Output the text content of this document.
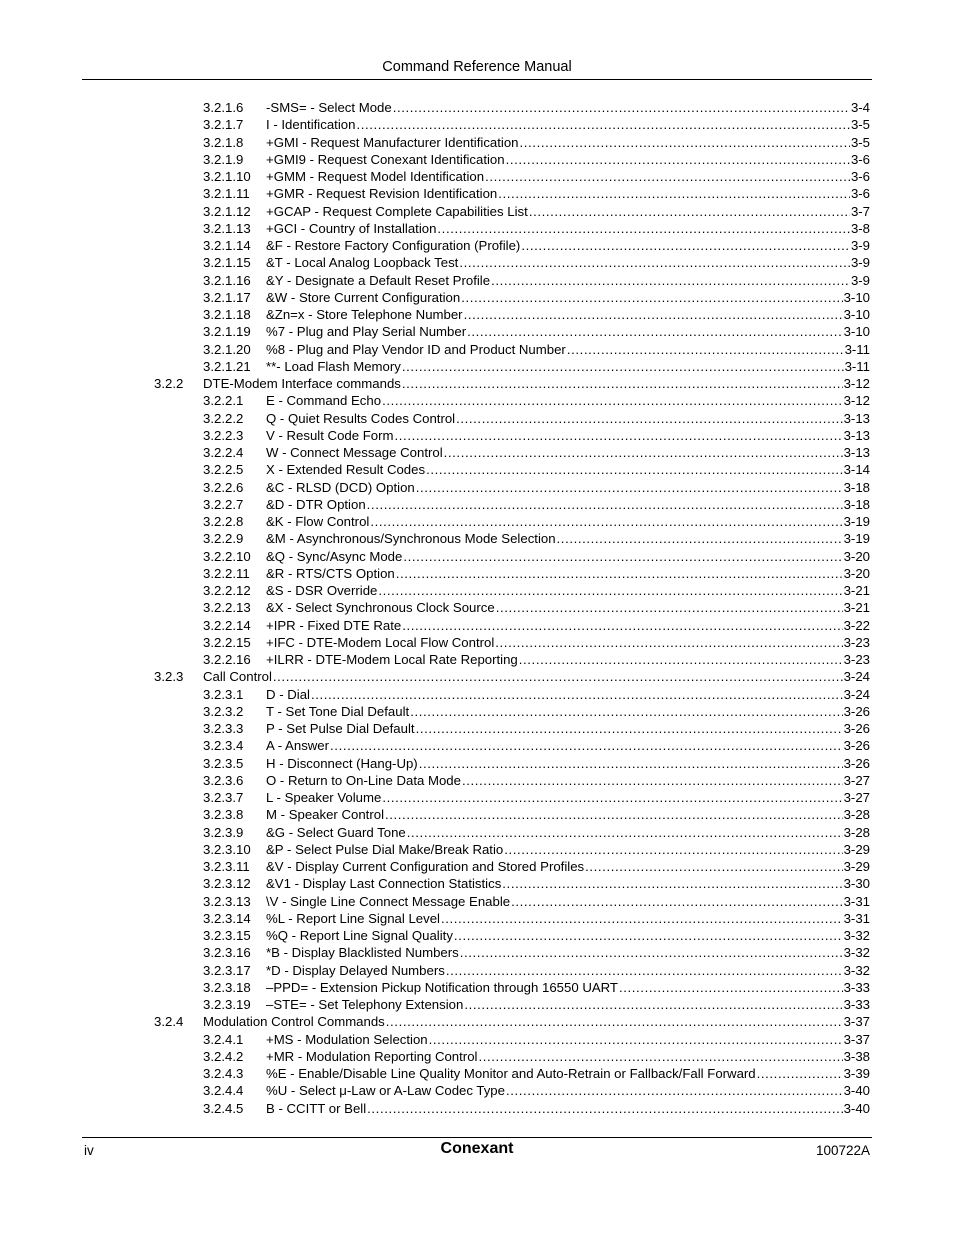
Command Reference Manual
3.2.1.6 -SMS= - Select Mode .....	3-4
3.2.1.7 I - Identification .....	3-5
3.2.1.8 +GMI - Request Manufacturer Identification .....	3-5
3.2.1.9 +GMI9 - Request Conexant Identification .....	3-6
3.2.1.10 +GMM - Request Model Identification .....	3-6
3.2.1.11 +GMR - Request Revision Identification .....	3-6
3.2.1.12 +GCAP - Request Complete Capabilities List .....	3-7
3.2.1.13 +GCI - Country of Installation .....	3-8
3.2.1.14 &F - Restore Factory Configuration (Profile) .....	3-9
3.2.1.15 &T - Local Analog Loopback Test .....	3-9
3.2.1.16 &Y - Designate a Default Reset Profile .....	3-9
3.2.1.17 &W - Store Current Configuration .....	3-10
3.2.1.18 &Zn=x - Store Telephone Number .....	3-10
3.2.1.19 %7 - Plug and Play Serial Number .....	3-10
3.2.1.20 %8 - Plug and Play Vendor ID and Product Number .....	3-11
3.2.1.21 **- Load Flash Memory .....	3-11
3.2.2 DTE-Modem Interface commands .....	3-12
3.2.2.1 E - Command Echo .....	3-12
3.2.2.2 Q - Quiet Results Codes Control .....	3-13
3.2.2.3 V - Result Code Form .....	3-13
3.2.2.4 W - Connect Message Control .....	3-13
3.2.2.5 X - Extended Result Codes .....	3-14
3.2.2.6 &C - RLSD (DCD) Option .....	3-18
3.2.2.7 &D - DTR Option .....	3-18
3.2.2.8 &K - Flow Control .....	3-19
3.2.2.9 &M - Asynchronous/Synchronous Mode Selection .....	3-19
3.2.2.10 &Q - Sync/Async Mode .....	3-20
3.2.2.11 &R - RTS/CTS Option .....	3-20
3.2.2.12 &S - DSR Override .....	3-21
3.2.2.13 &X - Select Synchronous Clock Source .....	3-21
3.2.2.14 +IPR - Fixed DTE Rate .....	3-22
3.2.2.15 +IFC - DTE-Modem Local Flow Control .....	3-23
3.2.2.16 +ILRR - DTE-Modem Local Rate Reporting .....	3-23
3.2.3 Call Control .....	3-24
3.2.3.1 D - Dial .....	3-24
3.2.3.2 T - Set Tone Dial Default .....	3-26
3.2.3.3 P - Set Pulse Dial Default .....	3-26
3.2.3.4 A - Answer .....	3-26
3.2.3.5 H - Disconnect (Hang-Up) .....	3-26
3.2.3.6 O - Return to On-Line Data Mode .....	3-27
3.2.3.7 L - Speaker Volume .....	3-27
3.2.3.8 M - Speaker Control .....	3-28
3.2.3.9 &G - Select Guard Tone .....	3-28
3.2.3.10 &P - Select Pulse Dial Make/Break Ratio .....	3-29
3.2.3.11 &V - Display Current Configuration and Stored Profiles .....	3-29
3.2.3.12 &V1 - Display Last Connection Statistics .....	3-30
3.2.3.13 \V - Single Line Connect Message Enable .....	3-31
3.2.3.14 %L - Report Line Signal Level .....	3-31
3.2.3.15 %Q - Report Line Signal Quality .....	3-32
3.2.3.16 *B - Display Blacklisted Numbers .....	3-32
3.2.3.17 *D - Display Delayed Numbers .....	3-32
3.2.3.18 –PPD= - Extension Pickup Notification through 16550 UART .....	3-33
3.2.3.19 –STE= - Set Telephony Extension .....	3-33
3.2.4 Modulation Control Commands .....	3-37
3.2.4.1 +MS - Modulation Selection .....	3-37
3.2.4.2 +MR - Modulation Reporting Control .....	3-38
3.2.4.3 %E - Enable/Disable Line Quality Monitor and Auto-Retrain or Fallback/Fall Forward .....	3-39
3.2.4.4 %U - Select μ-Law or A-Law Codec Type .....	3-40
3.2.4.5 B - CCITT or Bell .....	3-40
iv	Conexant	100722A
